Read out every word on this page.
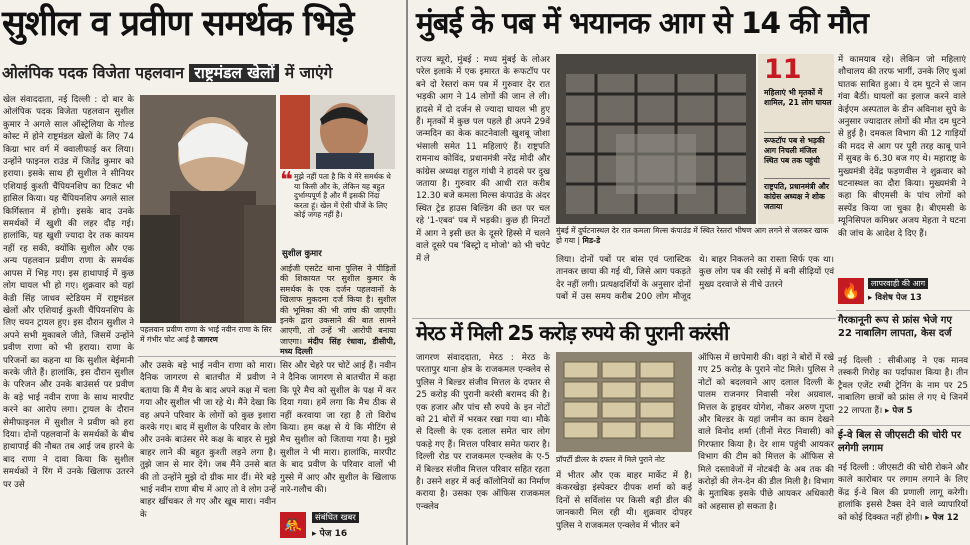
सुशील व प्रवीण समर्थक भिड़े
ओलंपिक पदक विजेता पहलवान राष्ट्रमंडल खेलों में जाएंगे
खेल संवाददाता, नई दिल्ली : दो बार के ओलंपिक पदक विजेता पहलवान सुशील कुमार ने अगले साल ऑस्ट्रेलिया के गोल्ड कोस्ट में होने राष्ट्रमंडल खेलों के लिए 74 किग्रा भार वर्ग में क्वालीफाई कर लिया। उन्होंने फाइनल राउंड में जितेंद्र कुमार को हराया। इसके साथ ही सुशील ने सीनियर एशियाई कुश्ती चैंपियनशिप का टिकट भी हासिल किया। यह चैंपियनशिप अगले साल किर्गिस्तान में होगी। इसके बाद उनके समर्थकों में खुशी की लहर दौड़ गई। हालांकि, यह खुशी ज्यादा देर तक कायम नहीं रह सकी, क्योंकि सुशील और एक अन्य पहलवान प्रवीण राणा के समर्थक आपस में भिड़ गए। इस हाथापाई में कुछ लोग घायल भी हो गए। शुक्रवार को यहां केडी सिंह जाधव स्टेडियम में राष्ट्रमंडल खेलों और एशियाई कुश्ती चैंपियनशिप के लिए चयन ट्रायल हुए। इस दौरान सुशील ने अपने सभी मुकाबले जीते, जिसमें उन्होंने प्रवीण राणा को भी हराया। राणा के परिजनों का कहना था कि सुशील बेईमानी करके जीते हैं। हालांकि, इस दौरान सुशील के परिजन और उनके बाउंसर्स पर प्रवीण के बड़े भाई नवीन राणा के साथ मारपीट करने का आरोप लगा। ट्रायल के दौरान सेमीफाइनल में सुशील ने प्रवीण को हरा दिया। दोनों पहलवानों के समर्थकों के बीच हाथापाई की नौबत तब आई जब हारने के बाद राणा ने दावा किया कि सुशील समर्थकों ने रिंग में उनके खिलाफ उतरने पर उसे
❝ मुझे नहीं पता है कि ये मेरे समर्थक थे या किसी और के, लेकिन यह बहुत दुर्भाग्यपूर्ण है और मैं इसकी निंदा करता हूं। खेल में ऐसी चीजें के लिए कोई जगह नहीं है।
सुशील कुमार
पहलवान प्रवीण राणा के भाई नवीन राणा के सिर में गंभीर चोट आई है जागरण
आईजी एसटेट थाना पुलिस ने पीड़ितों की शिकायत पर सुशील कुमार के समर्थक के एक दर्जन पहलवानों के खिलाफ मुकदमा दर्ज किया है। सुशील की भूमिका की भी जांच की जाएगी। इनके द्वारा उकसाने की बात सामने आएगी, तो उन्हें भी आरोपी बनाया जाएगा। मंदीप सिंह रंधावा, डीसीपी, मध्य दिल्ली
और उसके बड़े भाई नवीन राणा को मारा। दैनिक जागरण से बातचीत में प्रवीण ने बताया कि मैं मैच के बाद अपने कक्ष में चला गया और सुशील भी जा रहे थे। मैंने देखा कि वह अपने परिवार के लोगों को कुछ इशारा करके गए। बाद में सुशील के परिवार के लोग और उनके बाउंसर मेरे कक्ष के बाहर से मुझे बाहर लाने की बहुत कुश्ती लड़ने लगा है। तुझे जान से मार देंगे। जब मैंने उनसे बात की तो उन्होंने मुझे दो ग्रीक मार दीं। मेरे बड़े भाई नवीन राणा बीच में आए तो वे लोग उन्हें बाहर खींचकर ले गए और खूब मारा। नवीन के
सिर और चेहरे पर चोटें आई हैं। नवीन ने दैनिक जागरण से बातचीत में कहा कि पूरे मैच को सुशील के पक्ष में कर दिया गया। हमें लगा कि मैच ठीक से नहीं करवाया जा रहा है तो विरोध किया। हम कक्ष से ये कि मीटिंग से मैच सुशील को जिताया गया है। मुझे सुशील ने भी मारा। हालांकि, मारपीट के बाद प्रवीण के परिवार वालों भी गुस्से में आए और सुशील के खिलाफ नारे-गलौच की।
🤼	संबंधित खबर
▸ पेज 16
मुंबई के पब में भयानक आग से 14 की मौत
राज्य ब्यूरो, मुंबई : मध्य मुंबई के लोअर परेल इलाके में एक इमारत के रूफटॉप पर बने दो रेस्तरां कम पब में गुरुवार देर रात भड़की आग ने 14 लोगों की जान ले ली। हादसे में दो दर्जन से ज्यादा घायल भी हुए हैं। मृतकों में कुछ पल पहले ही अपने 29वें जन्मदिन का केक काटनेवाली खुशबू जोशा भंसाली समेत 11 महिलाएं हैं। राष्ट्रपति रामनाथ कोविंद, प्रधानमंत्री नरेंद्र मोदी और कांग्रेस अध्यक्ष राहुल गांधी ने हादसे पर दुख जताया है। गुरुवार की आधी रात करीब 12.30 बजे कमला मिल्स कंपाउंड के अंदर स्थित ट्रेड हाउस बिल्डिंग की छत पर चल रहे '1-एबव' पब में भड़की। कुछ ही मिनटों में आग ने इसी छत के दूसरे हिस्से में चलने वाले दूसरे पब 'बिस्ट्रो द मोजो' को भी चपेट में ले
11
महिलाएं भी मृतकों में शामिल, 21 लोग घायल
रूफटॉप पब से भड़की आग निचली मंजिल स्थित पब तक पहुंची
राष्ट्रपति, प्रधानमंत्री और कांग्रेस अध्यक्ष ने शोक जताया
मुंबई में दुर्घटनास्थल देर रात कमला मिल्स कंपाउंड में स्थित रेस्तरां भीषण आग लगने से जलकर खाक हो गया | मिड-डे
लिया। दोनों पबों पर बांस एवं प्लास्टिक तानकर छाया की गई थी, जिसे आग पकड़ते देर नहीं लगी। प्रत्यक्षदर्शियों के अनुसार दोनों पबों में उस समय करीब 200 लोग मौजूद थे। बाहर निकलने का रास्ता सिर्फ एक था। कुछ लोग पब की रसोई में बनी सीढ़ियों एवं मुख्य दरवाजे से नीचे उतरने
में कामयाब रहे। लेकिन जो महिलाएं शौचालय की तरफ भागीं, उनके लिए धुआं घातक साबित हुआ। ये दम घुटने से जान गंवा बैठीं। घायलों का इलाज करने वाले केईएम अस्पताल के डीन अविनाश सुपे के अनुसार ज्यादातर लोगों की मौत दम घुटने से हुई है। दमकल विभाग की 12 गाड़ियों की मदद से आग पर पूरी तरह काबू पाने में सुबह के 6.30 बज गए थे। महाराष्ट्र के मुख्यमंत्री देवेंद्र फड़णवीस ने शुक्रवार को घटनास्थल का दौरा किया। मुख्यमंत्री ने कहा कि बीएमसी के पांच लोगों को सस्पेंड किया जा चुका है। बीएमसी के म्यूनिसिपल कमिश्नर अजय मेहता ने घटना की जांच के आदेश दे दिए हैं।
🔥	लापरवाही की आग
▸ विशेष पेज 13
मेरठ में मिली 25 करोड़ रुपये की पुरानी करंसी
जागरण संवाददाता, मेरठ : मेरठ के परतापुर थाना क्षेत्र के राजकमल एन्क्लेव से पुलिस ने बिल्डर संजीव मित्तल के दफ्तर से 25 करोड़ की पुरानी करंसी बरामद की है। एक हजार और पांच सौ रुपये के इन नोटों को 21 बोरों में भरकर रखा गया था। मौके से दिल्ली के एक दलाल समेत चार लोग पकड़े गए हैं। मित्तल परिवार समेत फरार है। दिल्ली रोड पर राजकमल एन्क्लेव के ए-5 में बिल्डर संजीव मित्तल परिवार सहित रहता है। उसने शहर में कई कॉलोनियों का निर्माण कराया है। उसका एक ऑफिस राजकमल एन्क्लेव
प्रॉपर्टी डीलर के दफ्तर में मिले पुराने नोट
में भीतर और एक बाहर मार्केट में है। कंकरखेड़ा इंस्पेक्टर दीपक शर्मा को कई दिनों से सर्विलांस पर किसी बड़ी डील की जानकारी मिल रही थी। शुक्रवार दोपहर पुलिस ने राजकमल एन्क्लेव में भीतर बने
ऑफिस में छापेमारी की। वहां ने बोरों में रखे गए 25 करोड़ के पुराने नोट मिले। पुलिस ने नोटों को बदलवाने आए दलाल दिल्ली के पालम राजनगर निवासी नरेश अग्रवाल, मित्तल के ड्राइवर योगेश, नौकर अरुण गुप्ता और बिल्डर के यहां जमीन का काम देखने वाले विनोद शर्मा (तीनों मेरठ निवासी) को गिरफ्तार किया है। देर शाम पहुंची आयकर विभाग की टीम को मित्तल के ऑफिस से मिले दस्तावेजों में नोटबंदी के अब तक की करोड़ों की लेन-देन की डील मिली है। विभाग के मुताबिक इसके पीछे आयकर अधिकारी को अहसास हो सकता है।
गैरकानूनी रूप से फ्रांस भेजे गए 22 नाबालिग लापता, केस दर्ज
नई दिल्ली : सीबीआइ ने एक मानव तस्करी गिरोह का पर्दाफाश किया है। तीन ट्रैवल एजेंट रग्बी ट्रेनिंग के नाम पर 25 नाबालिग छात्रों को फ्रांस ले गए थे जिनमें 22 लापता हैं। ▸ पेज 5
ई-वे बिल से जीएसटी की चोरी पर लगेगी लगाम
नई दिल्ली : जीएसटी की चोरी रोकने और काले कारोबार पर लगाम लगाने के लिए केंद्र ई-वे बिल की प्रणाली लागू करेगी। हालांकि इससे टैक्स देने वाले व्यापारियों को कोई दिक्कत नहीं होगी। ▸ पेज 12
